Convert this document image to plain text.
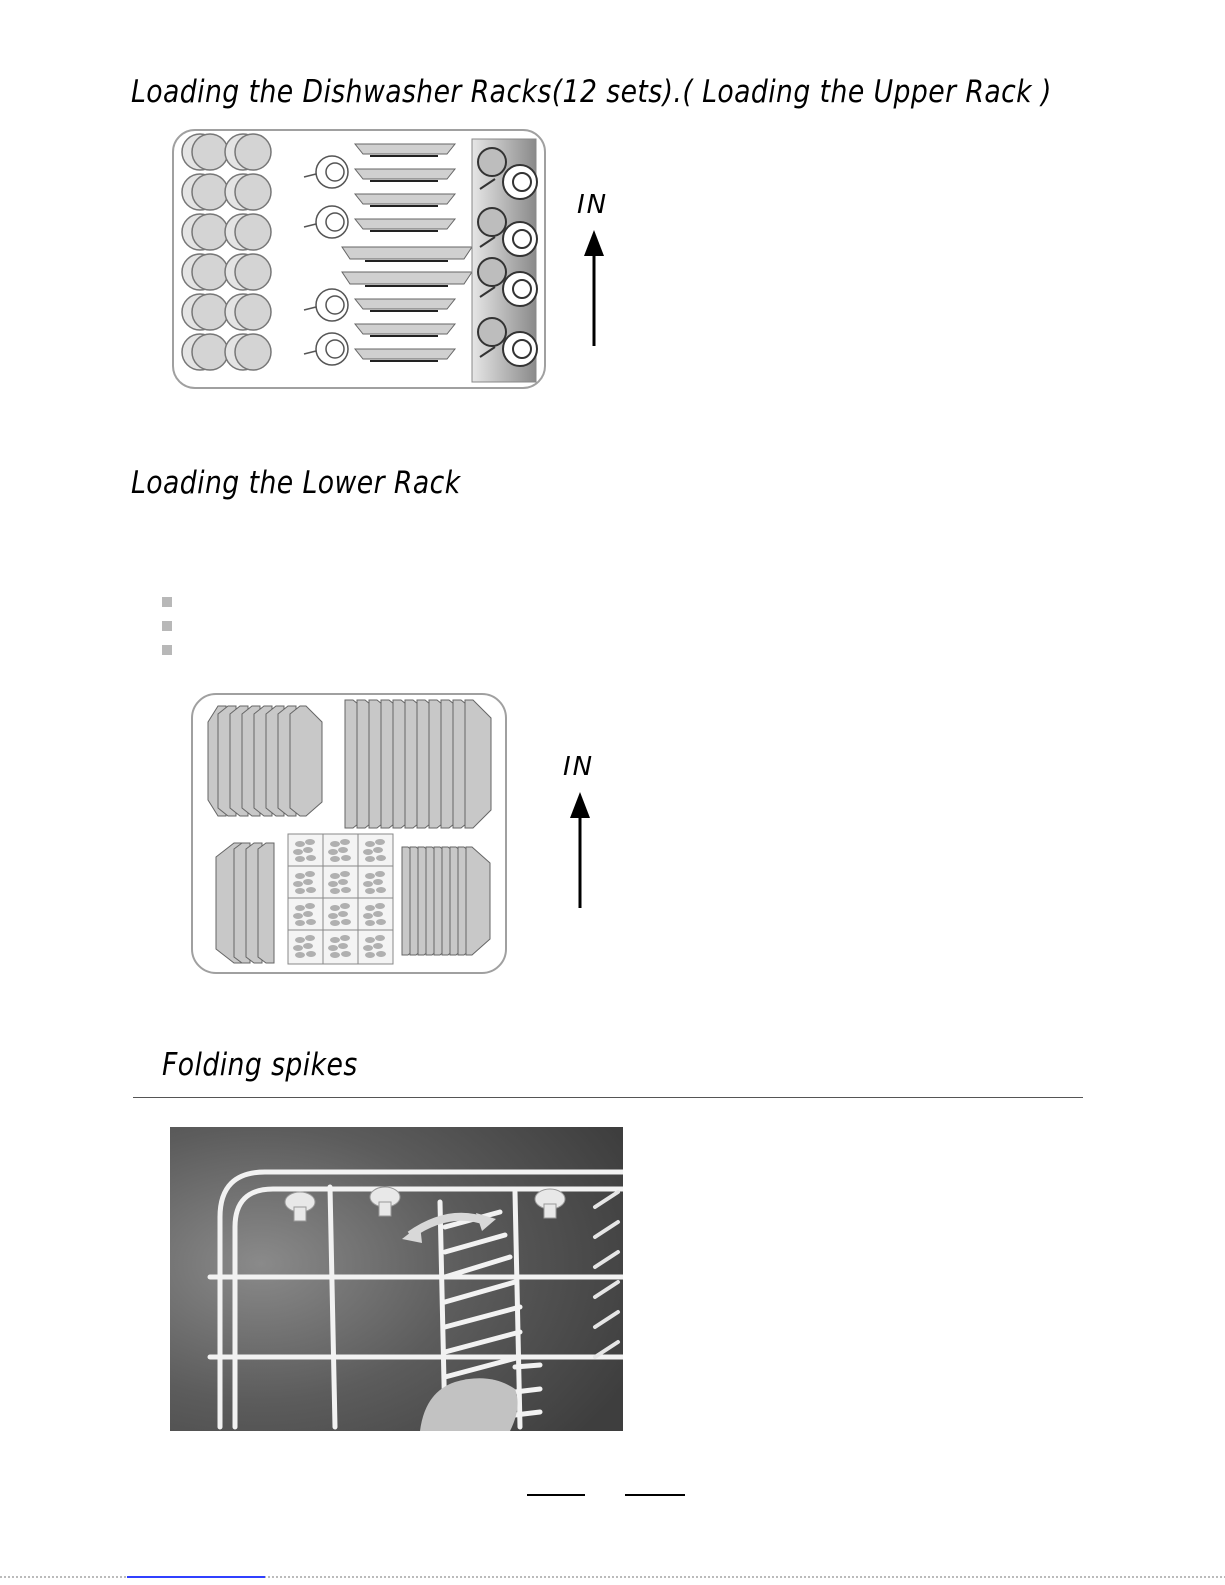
Loading the Dishwasher Racks(12 sets).( Loading the Upper Rack )
IN
Loading the Lower Rack
IN
Folding spikes
